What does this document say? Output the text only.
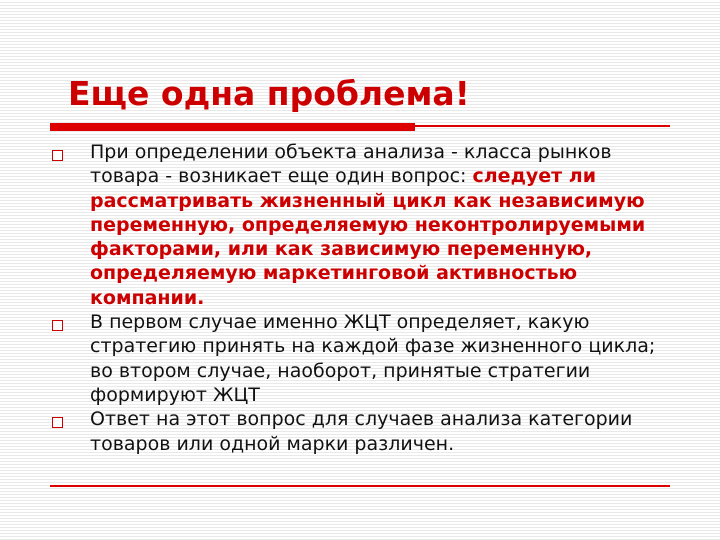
Еще одна проблема!
При определении объекта анализа - класса рынков товара - возникает еще один вопрос: следует ли рассматривать жизненный цикл как независимую переменную, определяемую неконтролируемыми факторами, или как зависимую переменную, определяемую маркетинговой активностью компании.
В первом случае именно ЖЦТ определяет, какую стратегию принять на каждой фазе жизненного цикла; во втором случае, наоборот, принятые стратегии формируют ЖЦТ
Ответ на этот вопрос для случаев анализа категории товаров или одной марки различен.
